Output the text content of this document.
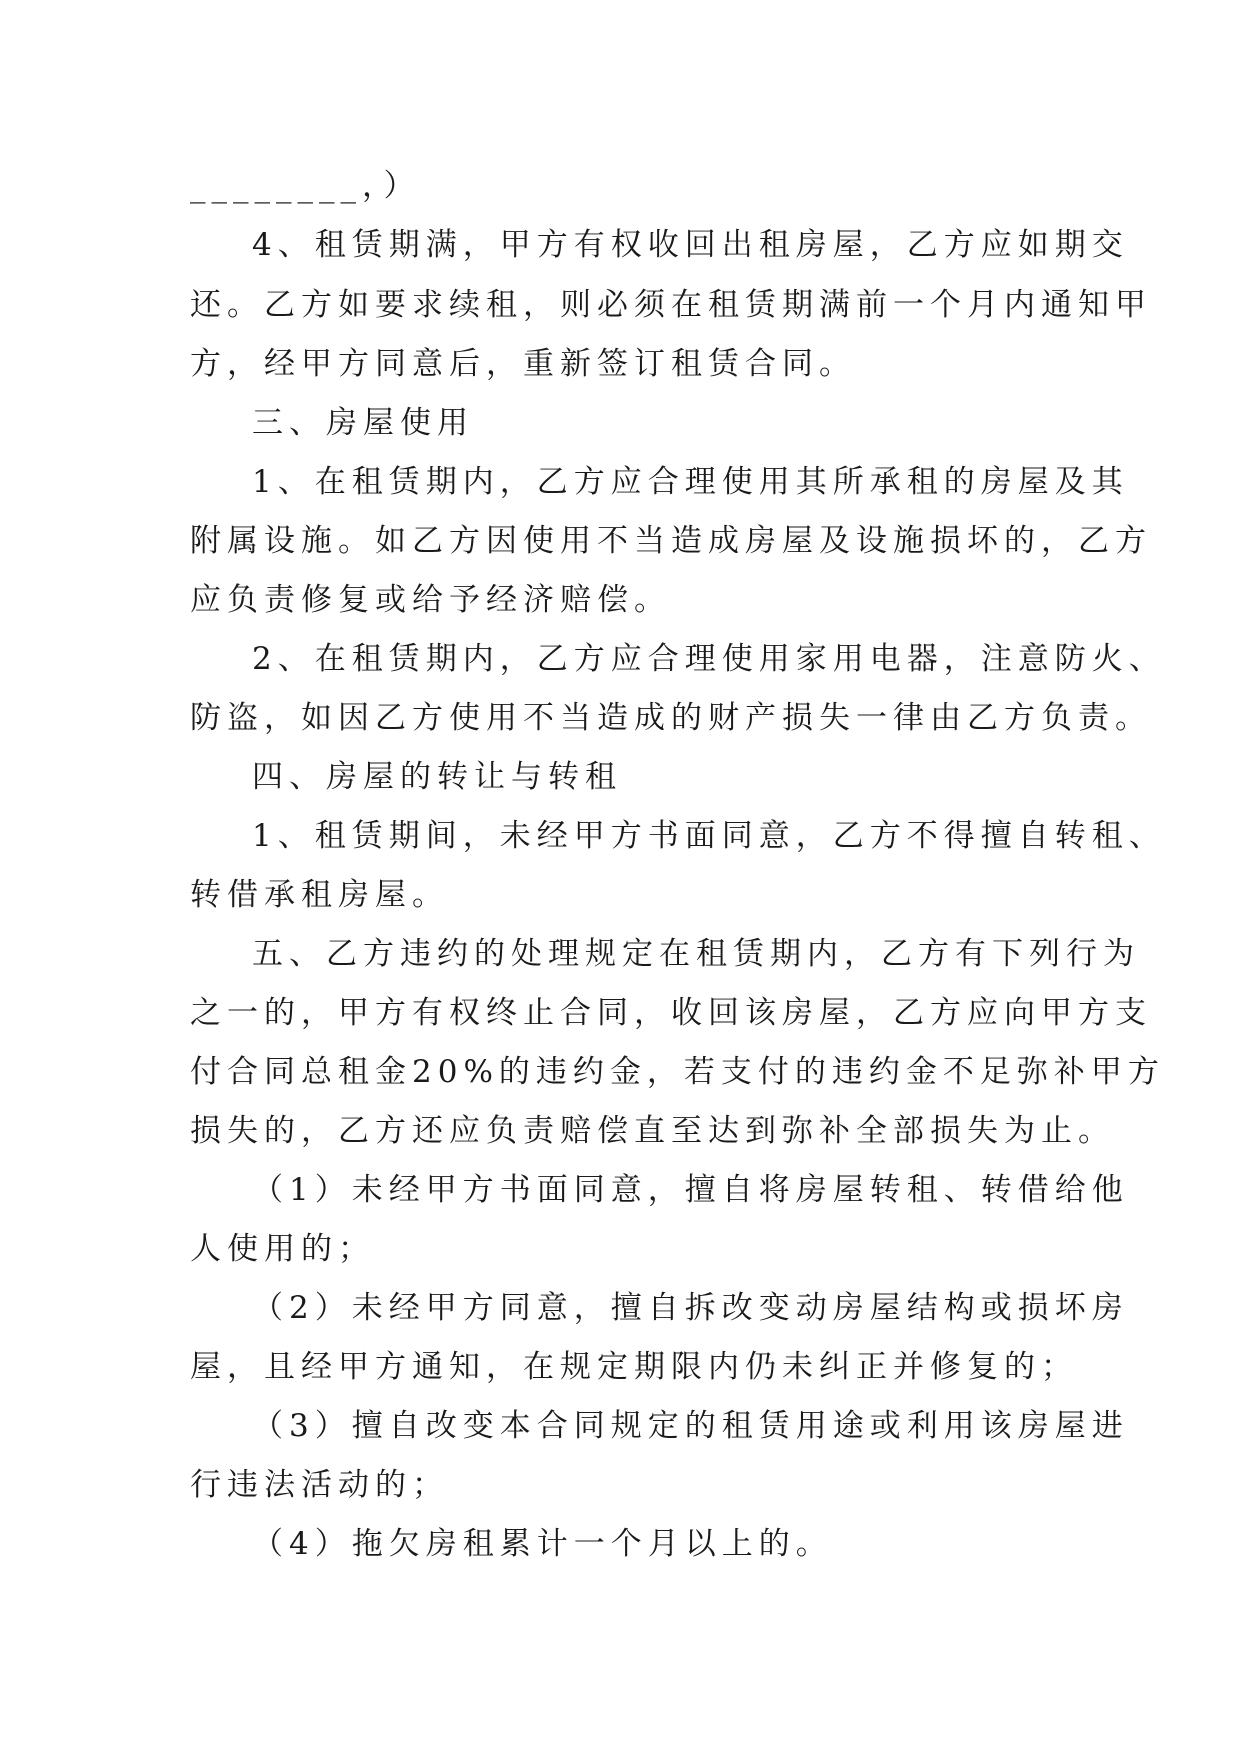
________，）
4、租赁期满，甲方有权收回出租房屋，乙方应如期交
还。乙方如要求续租，则必须在租赁期满前一个月内通知甲
方，经甲方同意后，重新签订租赁合同。
三、房屋使用
1、在租赁期内，乙方应合理使用其所承租的房屋及其
附属设施。如乙方因使用不当造成房屋及设施损坏的，乙方
应负责修复或给予经济赔偿。
2、在租赁期内，乙方应合理使用家用电器，注意防火、
防盗，如因乙方使用不当造成的财产损失一律由乙方负责。
四、房屋的转让与转租
1、租赁期间，未经甲方书面同意，乙方不得擅自转租、
转借承租房屋。
五、乙方违约的处理规定在租赁期内，乙方有下列行为
之一的，甲方有权终止合同，收回该房屋，乙方应向甲方支
付合同总租金20%的违约金，若支付的违约金不足弥补甲方
损失的，乙方还应负责赔偿直至达到弥补全部损失为止。
（1）未经甲方书面同意，擅自将房屋转租、转借给他
人使用的；
（2）未经甲方同意，擅自拆改变动房屋结构或损坏房
屋，且经甲方通知，在规定期限内仍未纠正并修复的；
（3）擅自改变本合同规定的租赁用途或利用该房屋进
行违法活动的；
（4）拖欠房租累计一个月以上的。
